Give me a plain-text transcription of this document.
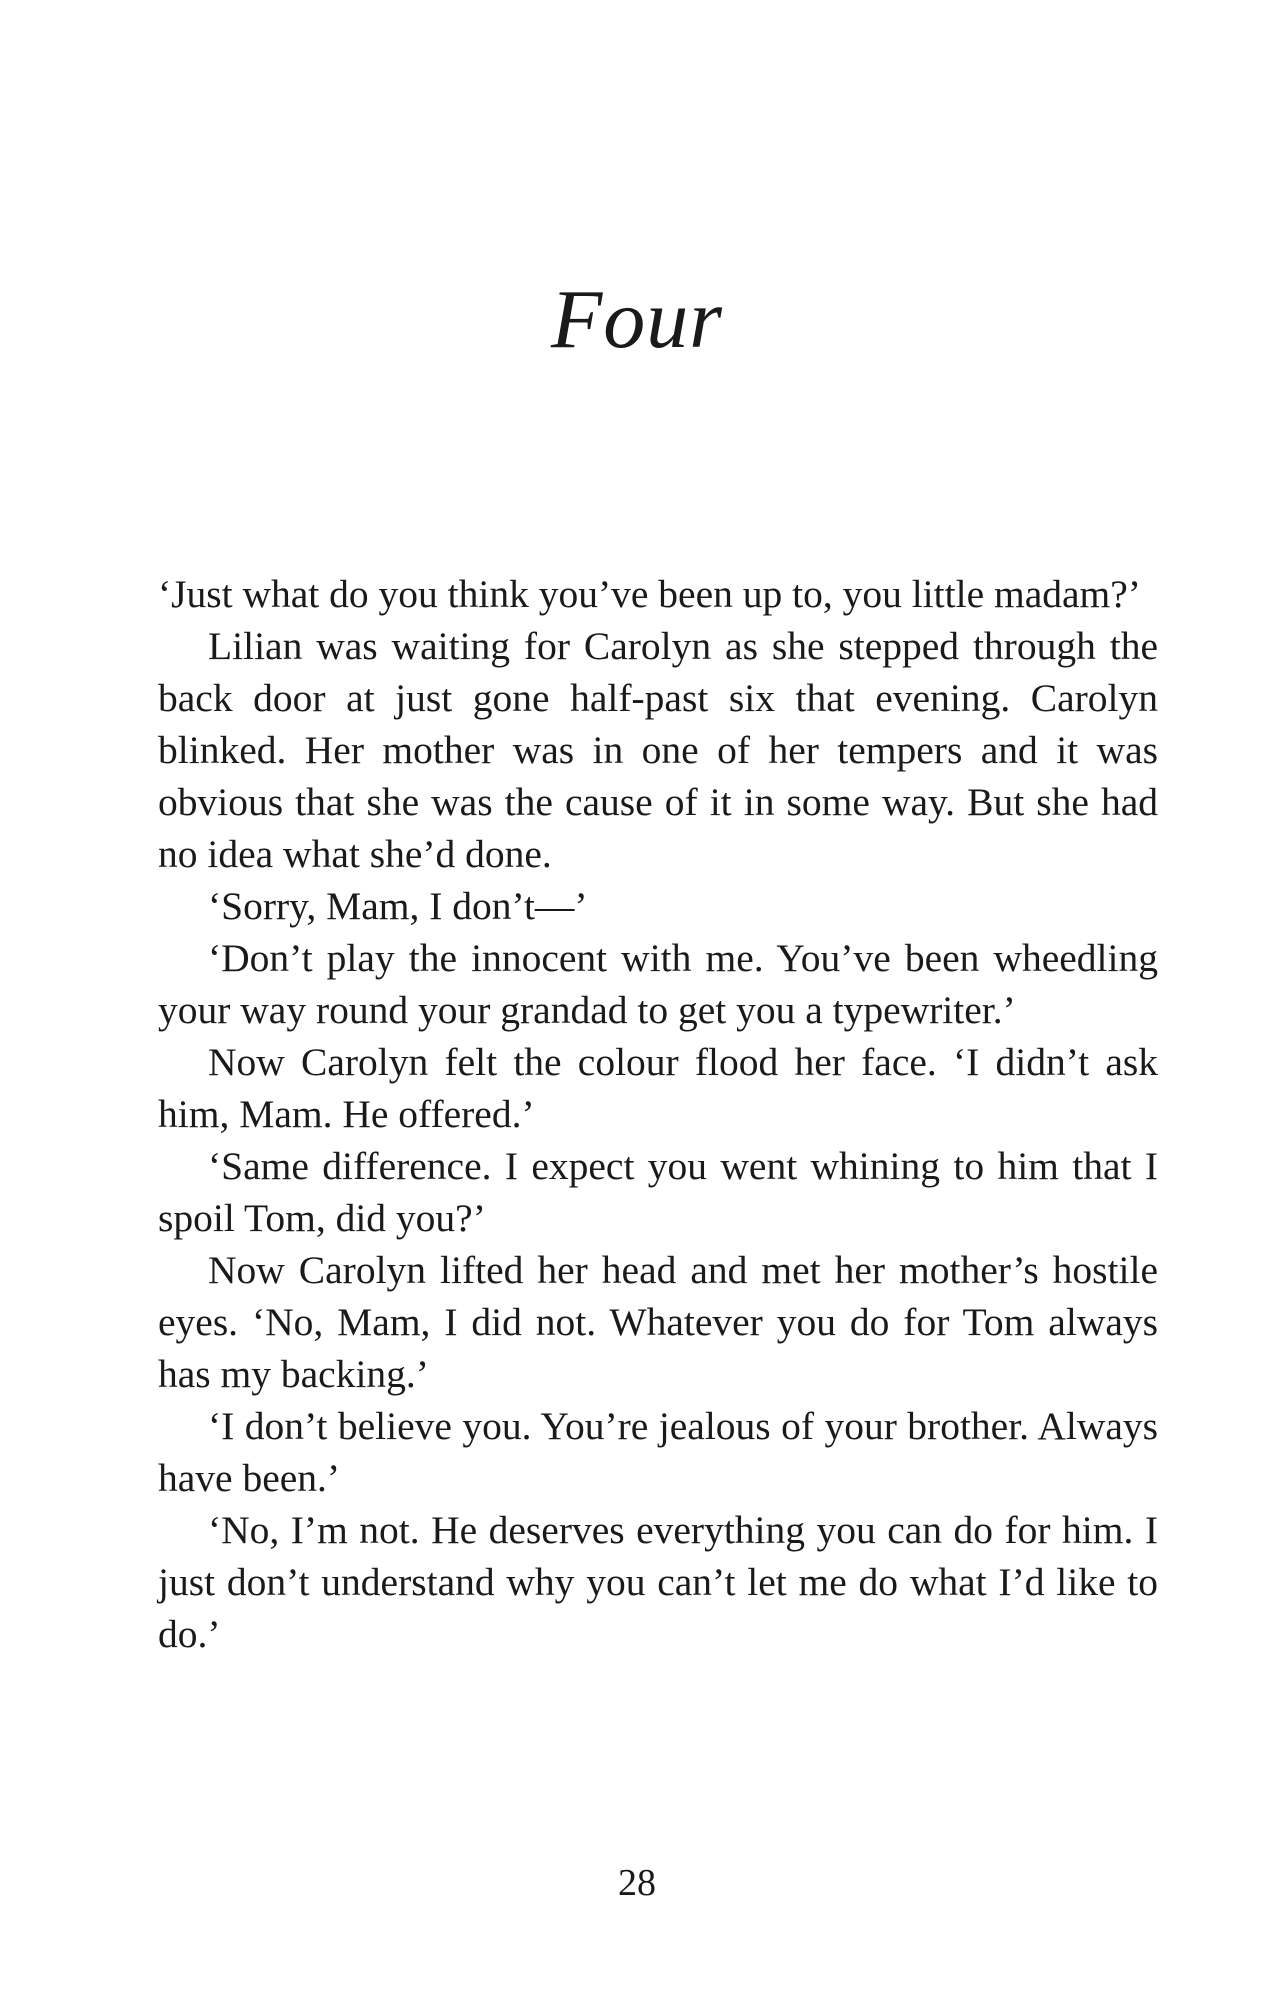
Four

‘Just what do you think you’ve been up to, you little madam?’

Lilian was waiting for Carolyn as she stepped through the back door at just gone half-past six that evening. Carolyn blinked. Her mother was in one of her tempers and it was obvious that she was the cause of it in some way. But she had no idea what she’d done.

‘Sorry, Mam, I don’t—’

‘Don’t play the innocent with me. You’ve been wheedling your way round your grandad to get you a typewriter.’

Now Carolyn felt the colour flood her face. ‘I didn’t ask him, Mam. He offered.’

‘Same difference. I expect you went whining to him that I spoil Tom, did you?’

Now Carolyn lifted her head and met her mother’s hostile eyes. ‘No, Mam, I did not. Whatever you do for Tom always has my backing.’

‘I don’t believe you. You’re jealous of your brother. Always have been.’

‘No, I’m not. He deserves everything you can do for him. I just don’t understand why you can’t let me do what I’d like to do.’

28
